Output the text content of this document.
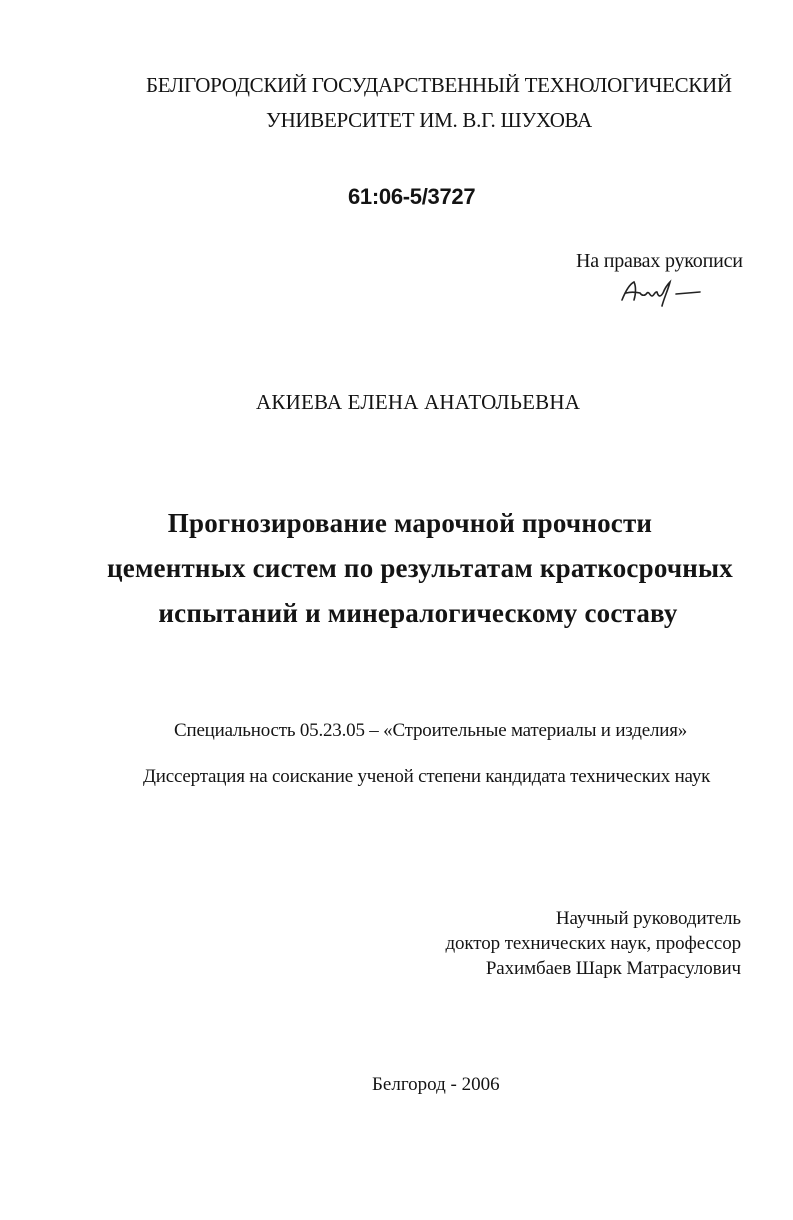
БЕЛГОРОДСКИЙ ГОСУДАРСТВЕННЫЙ ТЕХНОЛОГИЧЕСКИЙ
УНИВЕРСИТЕТ ИМ. В.Г. ШУХОВА
61:06-5/3727
На правах рукописи
АКИЕВА ЕЛЕНА АНАТОЛЬЕВНА
Прогнозирование марочной прочности
цементных систем по результатам краткосрочных
испытаний и минералогическому составу
Специальность 05.23.05 – «Строительные материалы и изделия»
Диссертация на соискание ученой степени кандидата технических наук
Научный руководитель
доктор технических наук, профессор
Рахимбаев Шарк Матрасулович
Белгород - 2006
